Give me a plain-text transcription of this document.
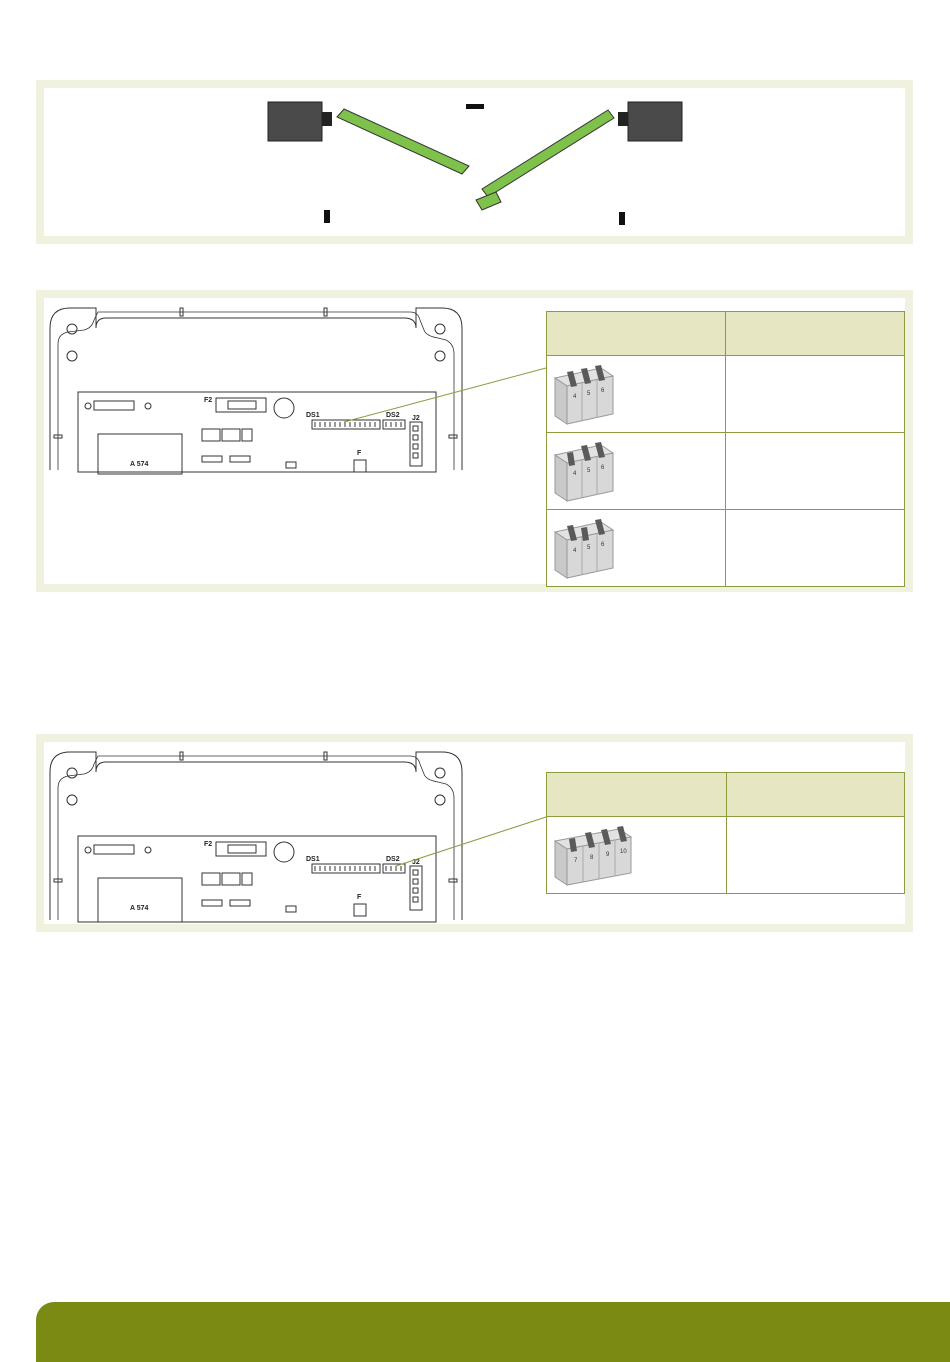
A 574
F2
F
DS1	DS2 J2

4 5 6	

4 5 6	

4 5 6	

A 574
F2
F
DS1	DS2 J2
		7 8 9 10	
